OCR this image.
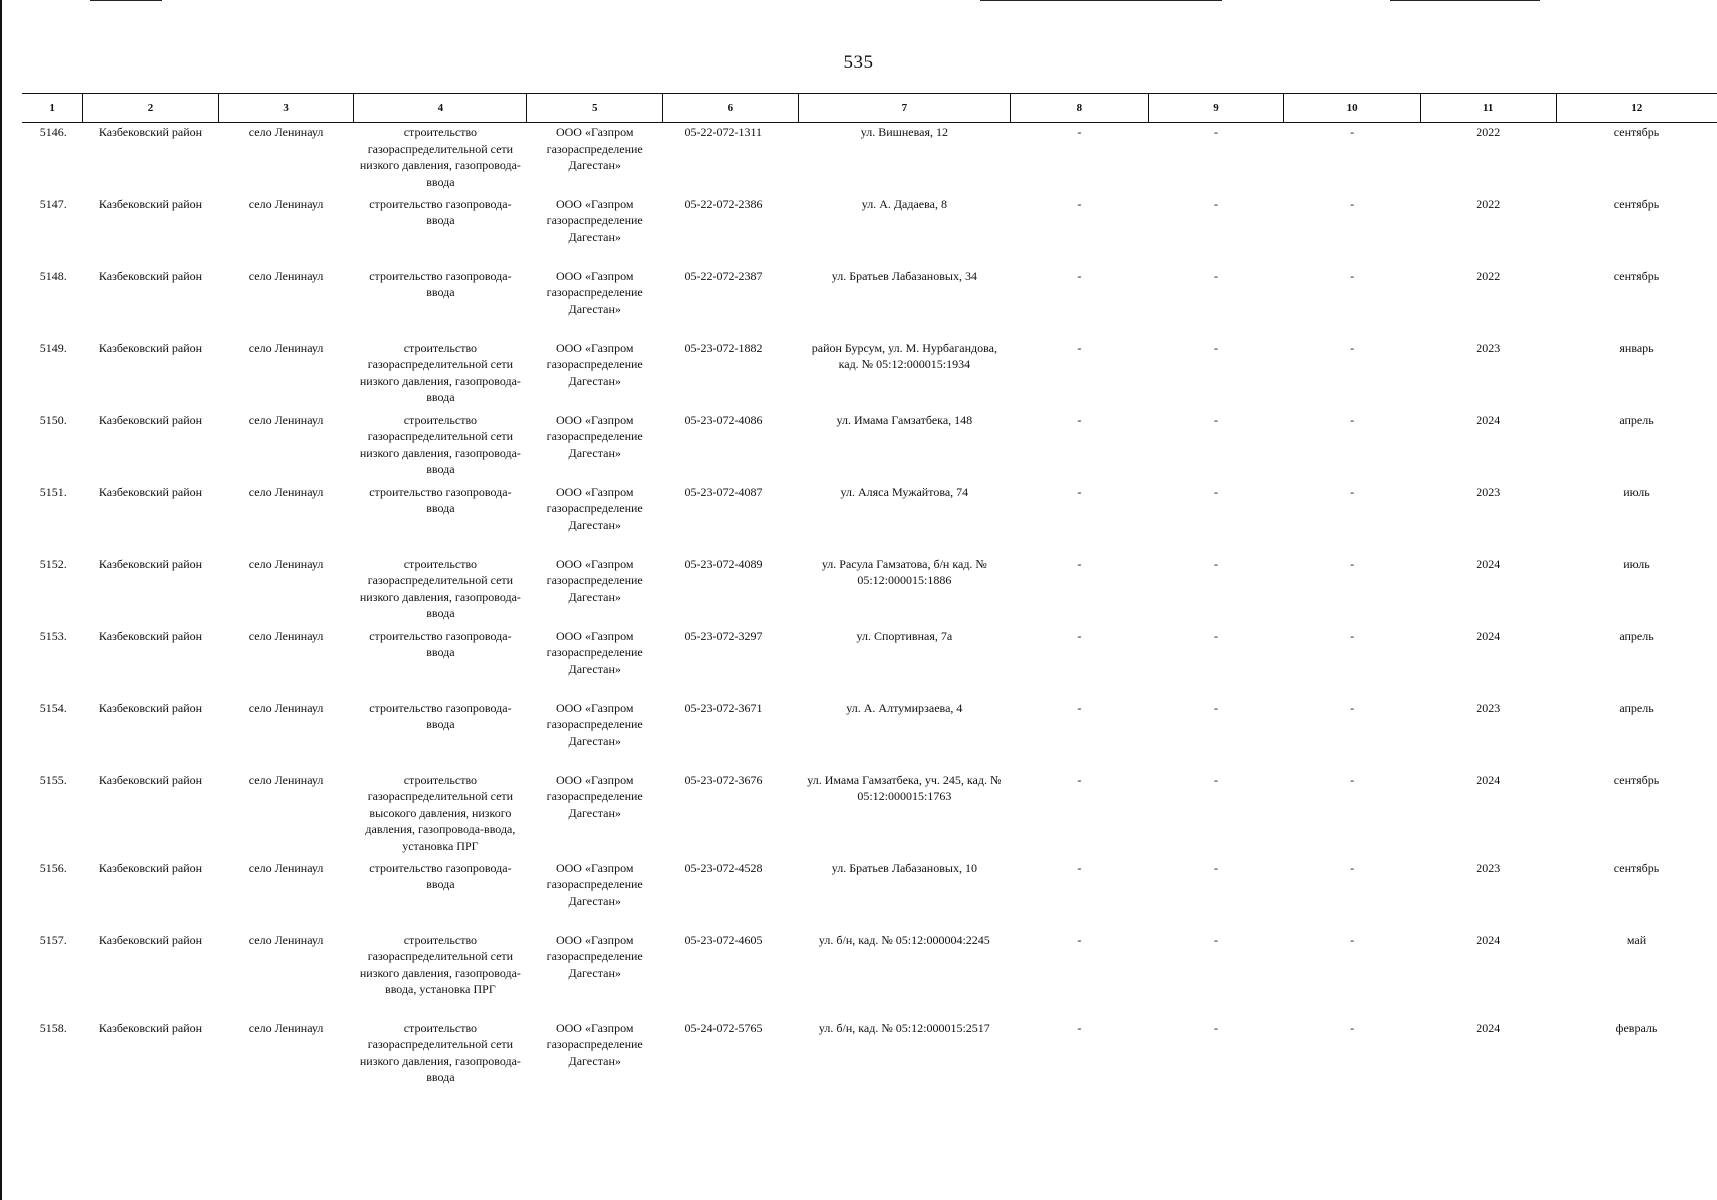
535
1	2	3	4	5	6	7	8	9	10	11	12
5146.	Казбековский район	село Ленинаул	строительство газораспределительной сети низкого давления, газопровода-ввода	ООО «Газпром газораспределение Дагестан»	05-22-072-1311	ул. Вишневая, 12	-	-	-	2022	сентябрь
5147.	Казбековский район	село Ленинаул	строительство газопровода-ввода	ООО «Газпром газораспределение Дагестан»	05-22-072-2386	ул. А. Дадаева, 8	-	-	-	2022	сентябрь
5148.	Казбековский район	село Ленинаул	строительство газопровода-ввода	ООО «Газпром газораспределение Дагестан»	05-22-072-2387	ул. Братьев Лабазановых, 34	-	-	-	2022	сентябрь
5149.	Казбековский район	село Ленинаул	строительство газораспределительной сети низкого давления, газопровода-ввода	ООО «Газпром газораспределение Дагестан»	05-23-072-1882	район Бурсум, ул. М. Нурбагандова, кад. № 05:12:000015:1934	-	-	-	2023	январь
5150.	Казбековский район	село Ленинаул	строительство газораспределительной сети низкого давления, газопровода-ввода	ООО «Газпром газораспределение Дагестан»	05-23-072-4086	ул. Имама Гамзатбека, 148	-	-	-	2024	апрель
5151.	Казбековский район	село Ленинаул	строительство газопровода-ввода	ООО «Газпром газораспределение Дагестан»	05-23-072-4087	ул. Аляса Мужайтова, 74	-	-	-	2023	июль
5152.	Казбековский район	село Ленинаул	строительство газораспределительной сети низкого давления, газопровода-ввода	ООО «Газпром газораспределение Дагестан»	05-23-072-4089	ул. Расула Гамзатова, б/н кад. № 05:12:000015:1886	-	-	-	2024	июль
5153.	Казбековский район	село Ленинаул	строительство газопровода-ввода	ООО «Газпром газораспределение Дагестан»	05-23-072-3297	ул. Спортивная, 7а	-	-	-	2024	апрель
5154.	Казбековский район	село Ленинаул	строительство газопровода-ввода	ООО «Газпром газораспределение Дагестан»	05-23-072-3671	ул. А. Алтумирзаева, 4	-	-	-	2023	апрель
5155.	Казбековский район	село Ленинаул	строительство газораспределительной сети высокого давления, низкого давления, газопровода-ввода, установка ПРГ	ООО «Газпром газораспределение Дагестан»	05-23-072-3676	ул. Имама Гамзатбека, уч. 245, кад. № 05:12:000015:1763	-	-	-	2024	сентябрь
5156.	Казбековский район	село Ленинаул	строительство газопровода-ввода	ООО «Газпром газораспределение Дагестан»	05-23-072-4528	ул. Братьев Лабазановых, 10	-	-	-	2023	сентябрь
5157.	Казбековский район	село Ленинаул	строительство газораспределительной сети низкого давления, газопровода-ввода, установка ПРГ	ООО «Газпром газораспределение Дагестан»	05-23-072-4605	ул. б/н, кад. № 05:12:000004:2245	-	-	-	2024	май
5158.	Казбековский район	село Ленинаул	строительство газораспределительной сети низкого давления, газопровода-ввода	ООО «Газпром газораспределение Дагестан»	05-24-072-5765	ул. б/н, кад. № 05:12:000015:2517	-	-	-	2024	февраль
